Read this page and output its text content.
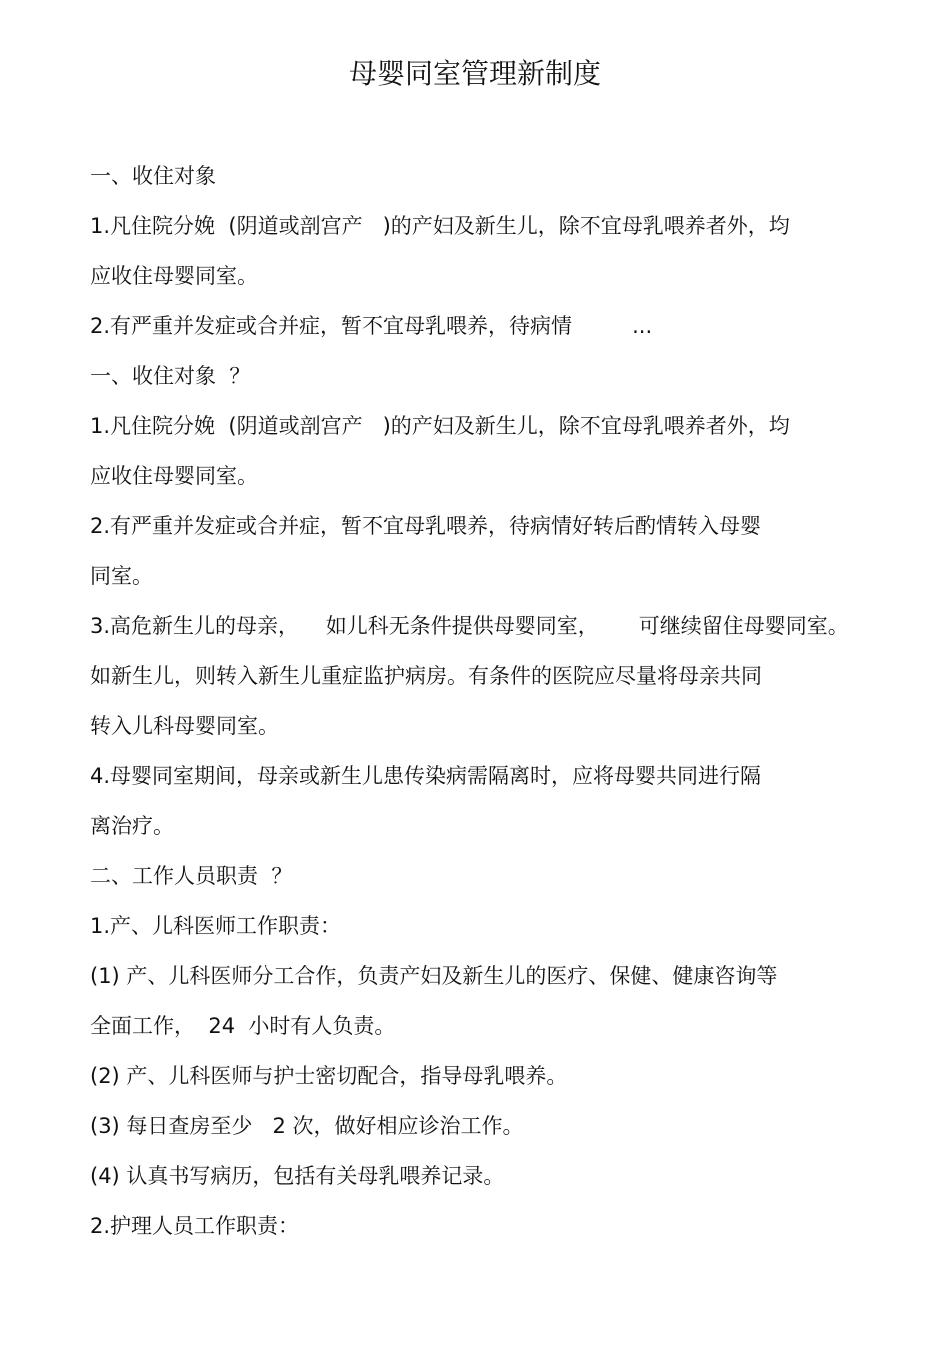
母婴同室管理新制度
一、收住对象
1.凡住院分娩  (阴道或剖宫产   )的产妇及新生儿，除不宜母乳喂养者外，均
应收住母婴同室。
2.有严重并发症或合并症，暂不宜母乳喂养，待病情         ...
一、收住对象  ？
1.凡住院分娩  (阴道或剖宫产   )的产妇及新生儿，除不宜母乳喂养者外，均
应收住母婴同室。
2.有严重并发症或合并症，暂不宜母乳喂养，待病情好转后酌情转入母婴
同室。
3.高危新生儿的母亲，    如儿科无条件提供母婴同室，      可继续留住母婴同室。
如新生儿，则转入新生儿重症监护病房。有条件的医院应尽量将母亲共同
转入儿科母婴同室。
4.母婴同室期间，母亲或新生儿患传染病需隔离时，应将母婴共同进行隔
离治疗。
二、工作人员职责  ？
1.产、儿科医师工作职责：
(1) 产、儿科医师分工合作，负责产妇及新生儿的医疗、保健、健康咨询等
全面工作，  24  小时有人负责。
(2) 产、儿科医师与护士密切配合，指导母乳喂养。
(3) 每日查房至少   2 次，做好相应诊治工作。
(4) 认真书写病历，包括有关母乳喂养记录。
2.护理人员工作职责：
